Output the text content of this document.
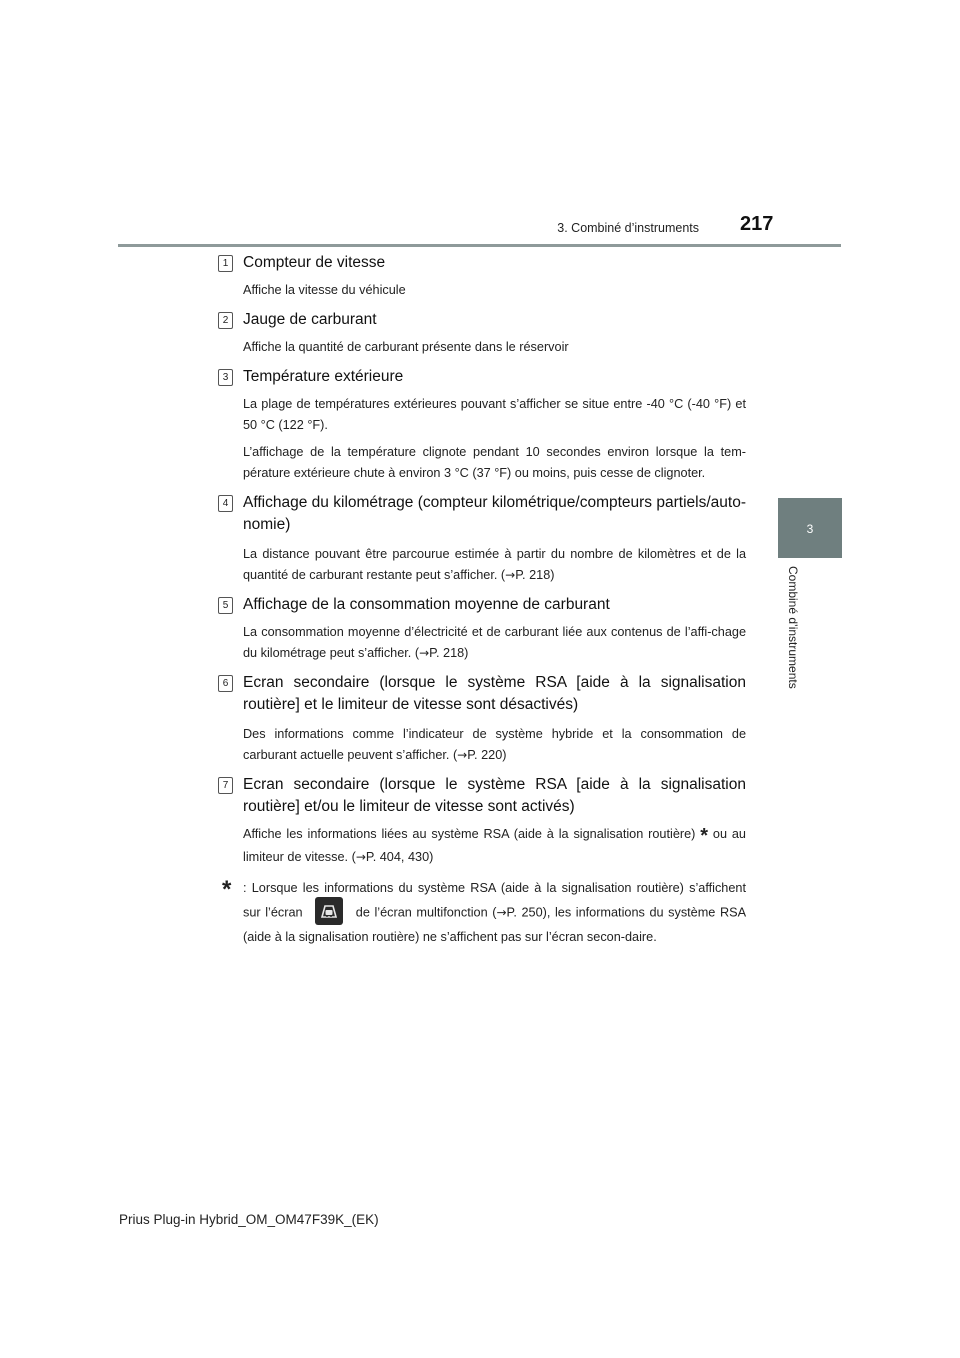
3. Combiné d’instruments 217
3
Combiné d’instruments
1 Compteur de vitesse

Affiche la vitesse du véhicule

2 Jauge de carburant

Affiche la quantité de carburant présente dans le réservoir

3 Température extérieure

La plage de températures extérieures pouvant s’afficher se situe entre -40 °C (-40 °F) et 50 °C (122 °F).

L’affichage de la température clignote pendant 10 secondes environ lorsque la tem-pérature extérieure chute à environ 3 °C (37 °F) ou moins, puis cesse de clignoter.

4 Affichage du kilométrage (compteur kilométrique/compteurs partiels/auto-nomie)

La distance pouvant être parcourue estimée à partir du nombre de kilomètres et de la quantité de carburant restante peut s’afficher. (→P. 218)

5 Affichage de la consommation moyenne de carburant

La consommation moyenne d’électricité et de carburant liée aux contenus de l’affi-chage du kilométrage peut s’afficher. (→P. 218)

6 Ecran secondaire (lorsque le système RSA [aide à la signalisation routière] et le limiteur de vitesse sont désactivés)

Des informations comme l’indicateur de système hybride et la consommation de carburant actuelle peuvent s’afficher. (→P. 220)

7 Ecran secondaire (lorsque le système RSA [aide à la signalisation routière] et/ou le limiteur de vitesse sont activés)

Affiche les informations liées au système RSA (aide à la signalisation routière) * ou au limiteur de vitesse. (→P. 404, 430)

* : Lorsque les informations du système RSA (aide à la signalisation routière) s’affichent sur l’écran	de l’écran multifonction (→P. 250), les informations du système RSA (aide à la signalisation routière) ne s’affichent pas sur l’écran secon-daire.
Prius Plug-in Hybrid_OM_OM47F39K_(EK)
